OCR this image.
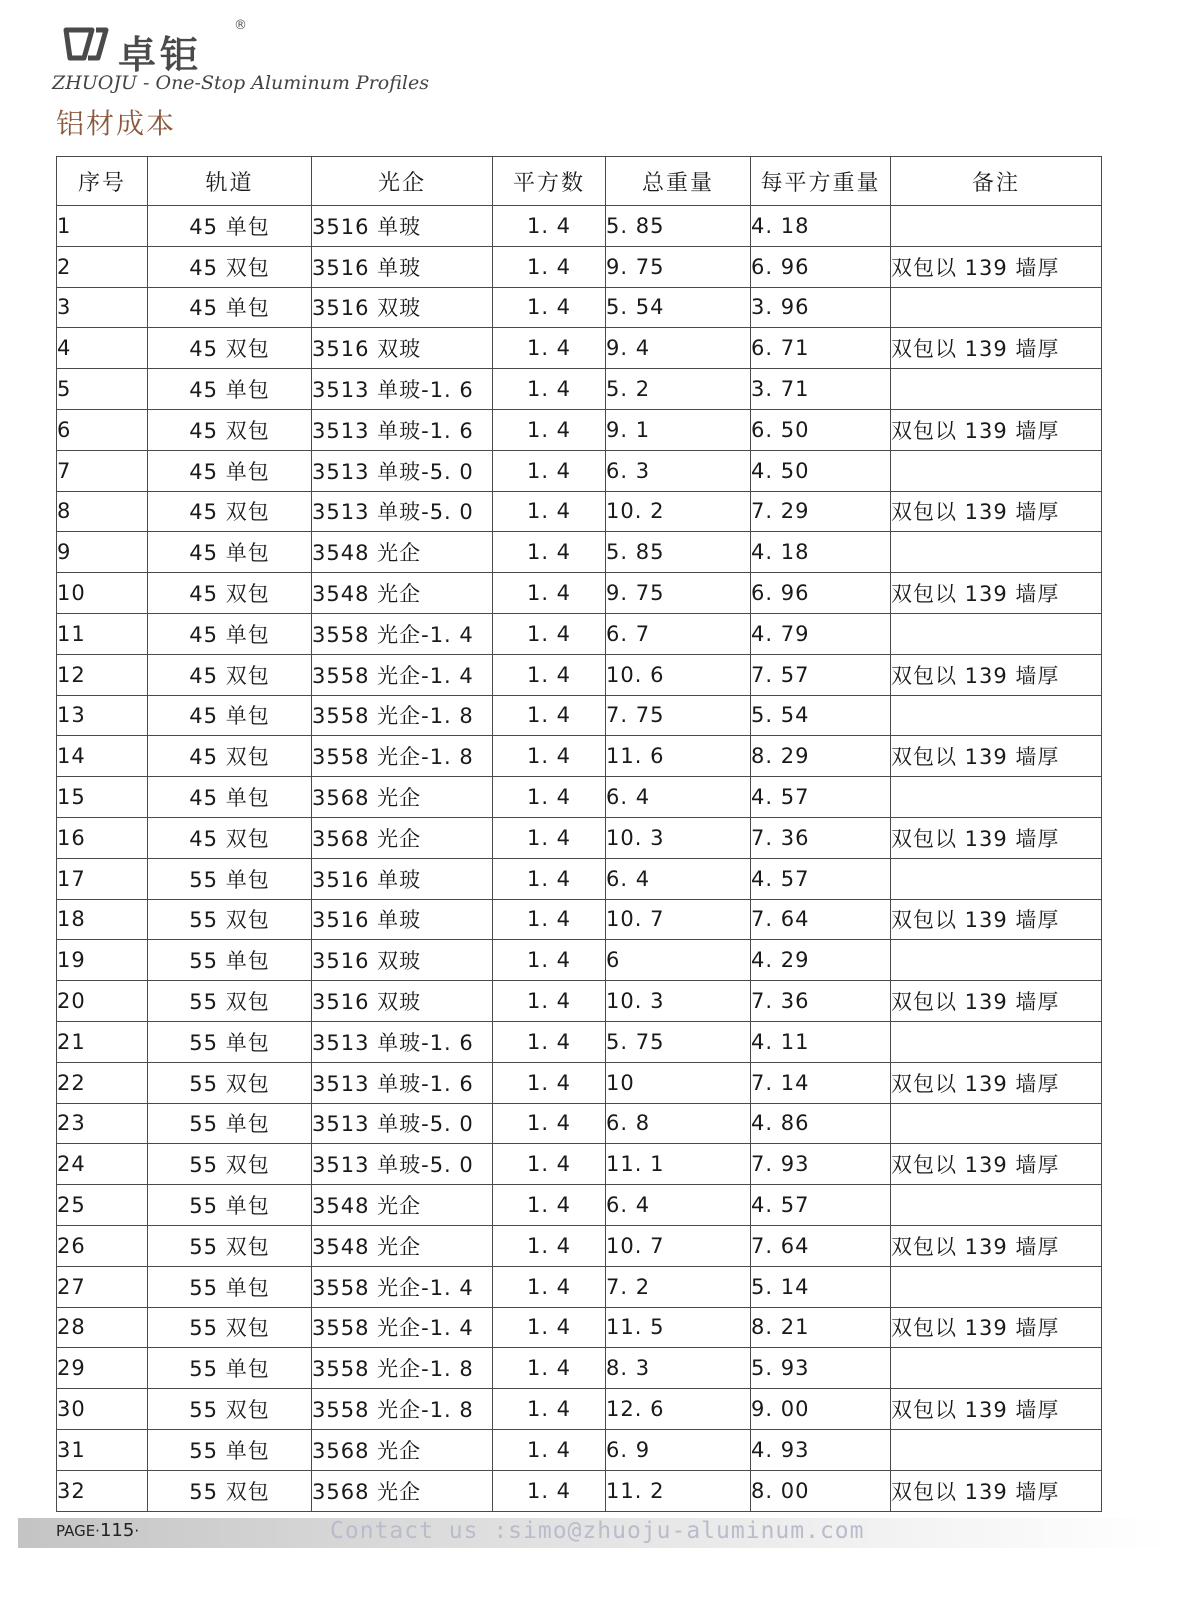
卓钜
®
ZHUOJU - One-Stop Aluminum Profiles
铝材成本
序号	轨道	光企	平方数	总重量	每平方重量	备注
1	45 单包	3516 单玻	1. 4	5. 85	4. 18	
2	45 双包	3516 单玻	1. 4	9. 75	6. 96	双包以 139 墙厚
3	45 单包	3516 双玻	1. 4	5. 54	3. 96	
4	45 双包	3516 双玻	1. 4	9. 4	6. 71	双包以 139 墙厚
5	45 单包	3513 单玻-1. 6	1. 4	5. 2	3. 71	
6	45 双包	3513 单玻-1. 6	1. 4	9. 1	6. 50	双包以 139 墙厚
7	45 单包	3513 单玻-5. 0	1. 4	6. 3	4. 50	
8	45 双包	3513 单玻-5. 0	1. 4	10. 2	7. 29	双包以 139 墙厚
9	45 单包	3548 光企	1. 4	5. 85	4. 18	
10	45 双包	3548 光企	1. 4	9. 75	6. 96	双包以 139 墙厚
11	45 单包	3558 光企-1. 4	1. 4	6. 7	4. 79	
12	45 双包	3558 光企-1. 4	1. 4	10. 6	7. 57	双包以 139 墙厚
13	45 单包	3558 光企-1. 8	1. 4	7. 75	5. 54	
14	45 双包	3558 光企-1. 8	1. 4	11. 6	8. 29	双包以 139 墙厚
15	45 单包	3568 光企	1. 4	6. 4	4. 57	
16	45 双包	3568 光企	1. 4	10. 3	7. 36	双包以 139 墙厚
17	55 单包	3516 单玻	1. 4	6. 4	4. 57	
18	55 双包	3516 单玻	1. 4	10. 7	7. 64	双包以 139 墙厚
19	55 单包	3516 双玻	1. 4	6	4. 29	
20	55 双包	3516 双玻	1. 4	10. 3	7. 36	双包以 139 墙厚
21	55 单包	3513 单玻-1. 6	1. 4	5. 75	4. 11	
22	55 双包	3513 单玻-1. 6	1. 4	10	7. 14	双包以 139 墙厚
23	55 单包	3513 单玻-5. 0	1. 4	6. 8	4. 86	
24	55 双包	3513 单玻-5. 0	1. 4	11. 1	7. 93	双包以 139 墙厚
25	55 单包	3548 光企	1. 4	6. 4	4. 57	
26	55 双包	3548 光企	1. 4	10. 7	7. 64	双包以 139 墙厚
27	55 单包	3558 光企-1. 4	1. 4	7. 2	5. 14	
28	55 双包	3558 光企-1. 4	1. 4	11. 5	8. 21	双包以 139 墙厚
29	55 单包	3558 光企-1. 8	1. 4	8. 3	5. 93	
30	55 双包	3558 光企-1. 8	1. 4	12. 6	9. 00	双包以 139 墙厚
31	55 单包	3568 光企	1. 4	6. 9	4. 93	
32	55 双包	3568 光企	1. 4	11. 2	8. 00	双包以 139 墙厚
PAGE·115·	Contact us :simo@zhuoju-aluminum.com
